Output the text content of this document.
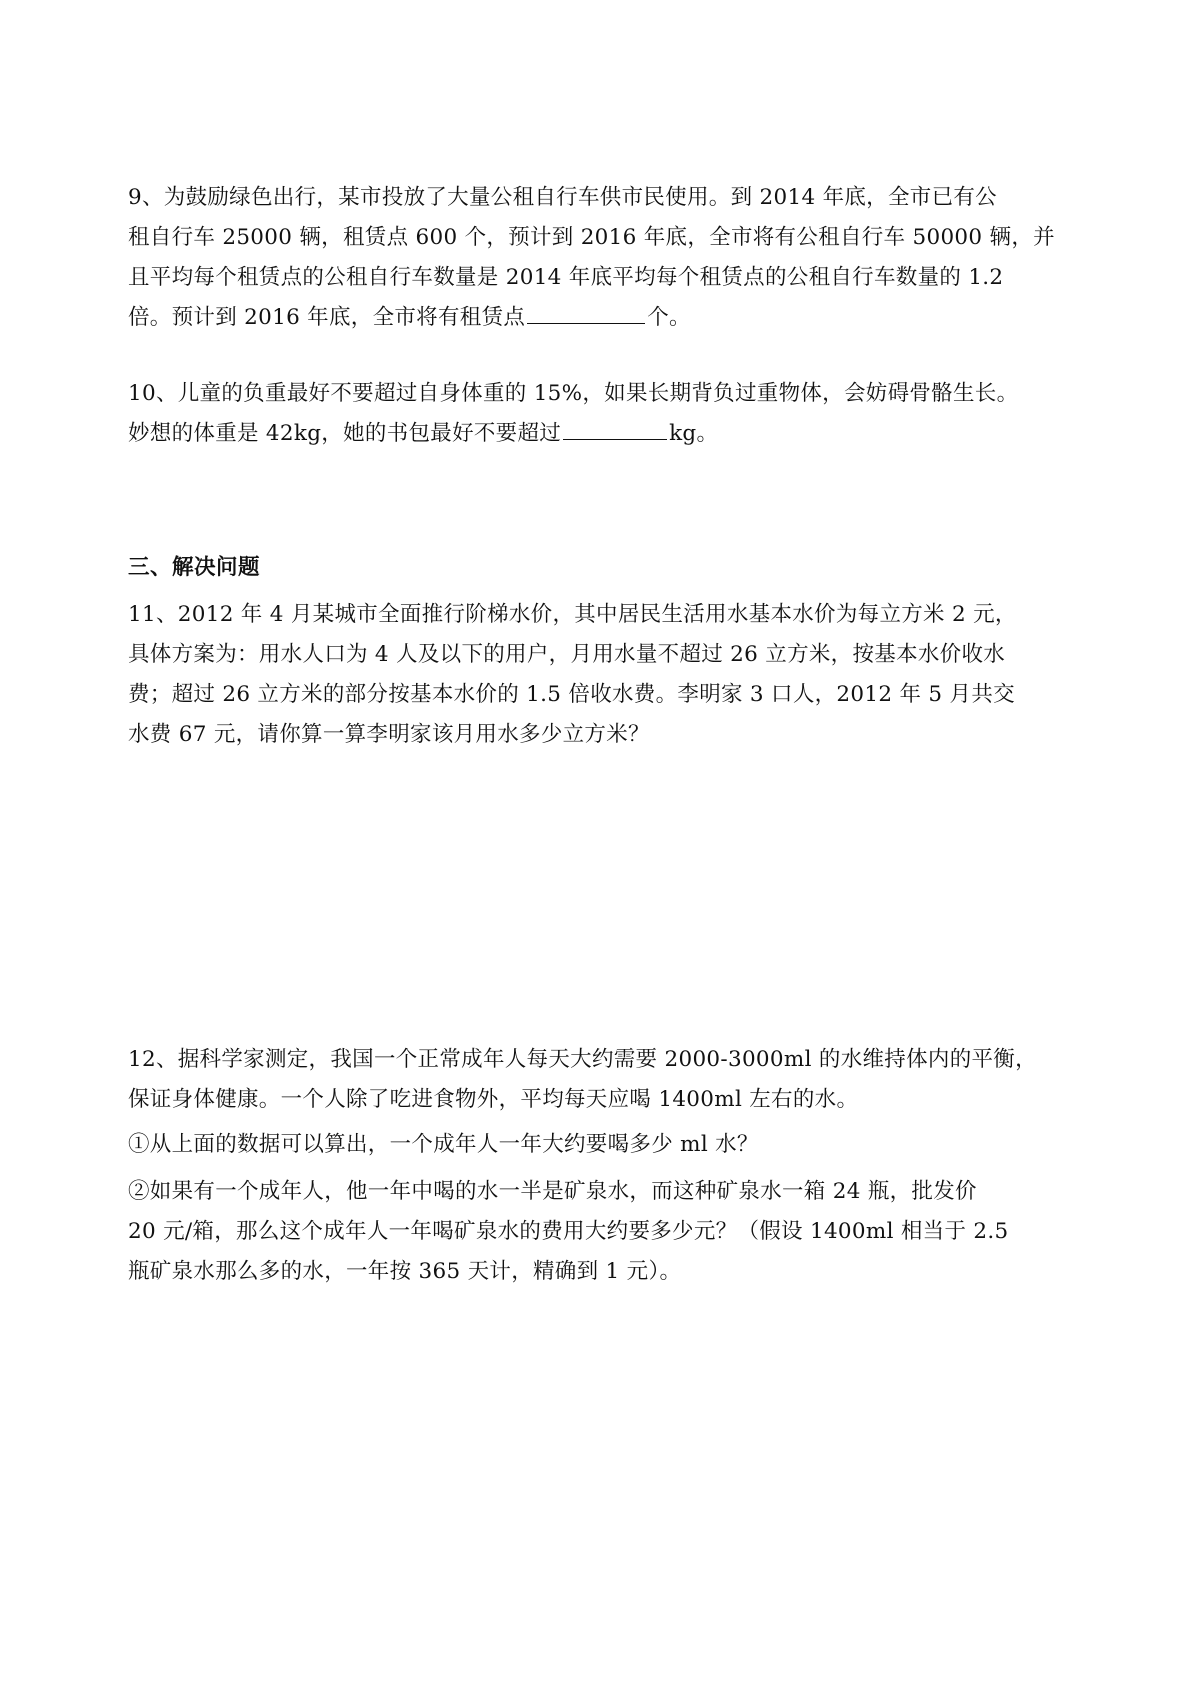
9、为鼓励绿色出行，某市投放了大量公租自行车供市民使用。到 2014 年底，全市已有公
租自行车 25000 辆，租赁点 600 个，预计到 2016 年底，全市将有公租自行车 50000 辆，并
且平均每个租赁点的公租自行车数量是 2014 年底平均每个租赁点的公租自行车数量的 1.2
倍。预计到 2016 年底，全市将有租赁点	个。
10、儿童的负重最好不要超过自身体重的 15%，如果长期背负过重物体，会妨碍骨骼生长。
妙想的体重是 42kg，她的书包最好不要超过	kg。
三、解决问题
11、2012 年 4 月某城市全面推行阶梯水价，其中居民生活用水基本水价为每立方米 2 元，
具体方案为：用水人口为 4 人及以下的用户，月用水量不超过 26 立方米，按基本水价收水
费；超过 26 立方米的部分按基本水价的 1.5 倍收水费。李明家 3 口人，2012 年 5 月共交
水费 67 元，请你算一算李明家该月用水多少立方米？
12、据科学家测定，我国一个正常成年人每天大约需要 2000-3000ml 的水维持体内的平衡，
保证身体健康。一个人除了吃进食物外，平均每天应喝 1400ml 左右的水。
①从上面的数据可以算出，一个成年人一年大约要喝多少 ml 水？
②如果有一个成年人，他一年中喝的水一半是矿泉水，而这种矿泉水一箱 24 瓶，批发价
20 元/箱，那么这个成年人一年喝矿泉水的费用大约要多少元？（假设 1400ml 相当于 2.5
瓶矿泉水那么多的水，一年按 365 天计，精确到 1 元）。
